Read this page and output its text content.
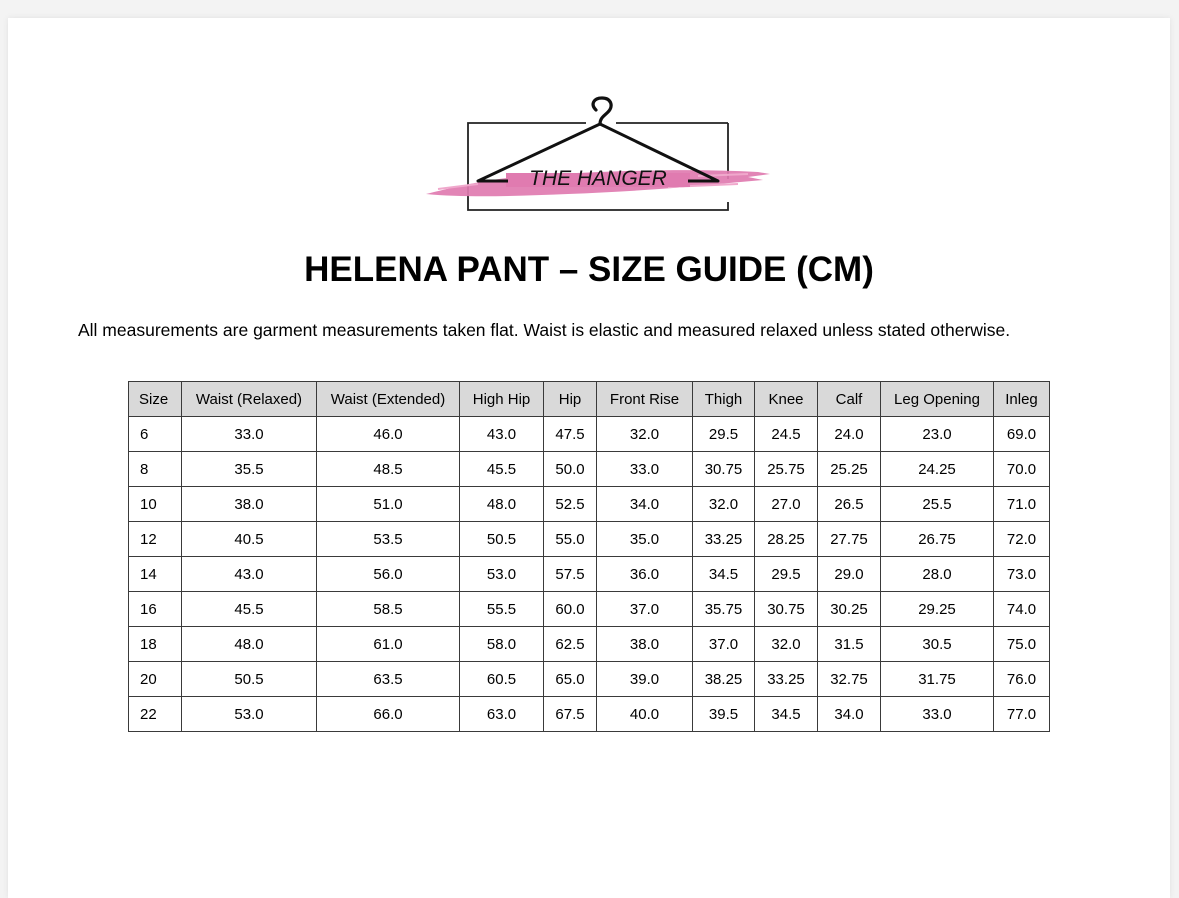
THE HANGER
HELENA PANT – SIZE GUIDE (CM)
All measurements are garment measurements taken flat. Waist is elastic and measured relaxed unless stated otherwise.
Size	Waist (Relaxed)	Waist (Extended)	High Hip	Hip	Front Rise	Thigh	Knee	Calf	Leg Opening	Inleg
6	33.0	46.0	43.0	47.5	32.0	29.5	24.5	24.0	23.0	69.0
8	35.5	48.5	45.5	50.0	33.0	30.75	25.75	25.25	24.25	70.0
10	38.0	51.0	48.0	52.5	34.0	32.0	27.0	26.5	25.5	71.0
12	40.5	53.5	50.5	55.0	35.0	33.25	28.25	27.75	26.75	72.0
14	43.0	56.0	53.0	57.5	36.0	34.5	29.5	29.0	28.0	73.0
16	45.5	58.5	55.5	60.0	37.0	35.75	30.75	30.25	29.25	74.0
18	48.0	61.0	58.0	62.5	38.0	37.0	32.0	31.5	30.5	75.0
20	50.5	63.5	60.5	65.0	39.0	38.25	33.25	32.75	31.75	76.0
22	53.0	66.0	63.0	67.5	40.0	39.5	34.5	34.0	33.0	77.0
